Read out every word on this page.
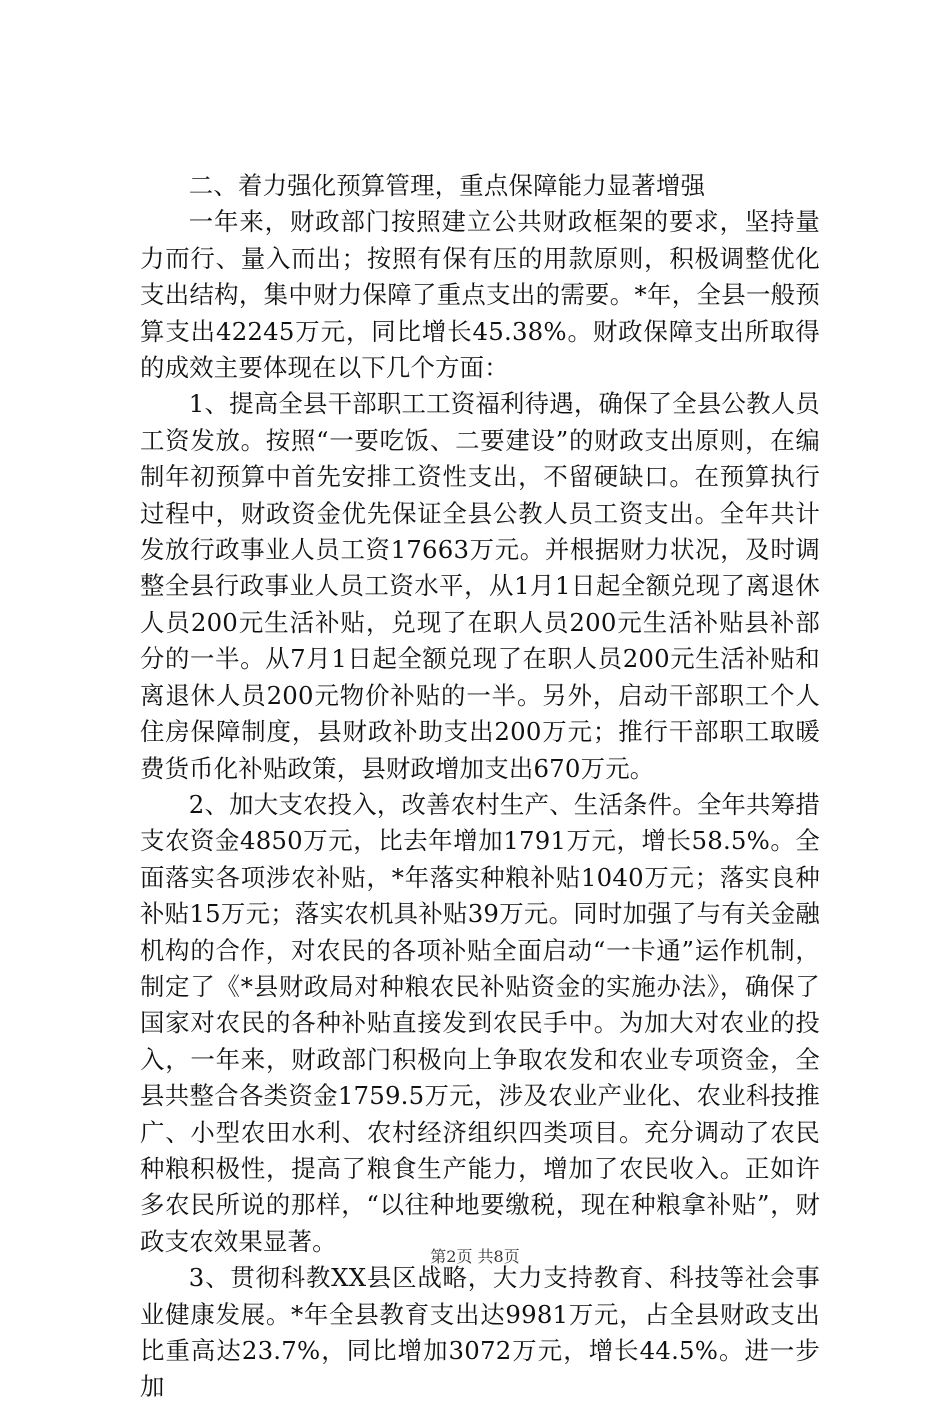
二、着力强化预算管理，重点保障能力显著增强

一年来，财政部门按照建立公共财政框架的要求，坚持量力而行、量入而出；按照有保有压的用款原则，积极调整优化支出结构，集中财力保障了重点支出的需要。*年，全县一般预算支出42245万元，同比增长45.38%。财政保障支出所取得的成效主要体现在以下几个方面：

1、提高全县干部职工工资福利待遇，确保了全县公教人员工资发放。按照“一要吃饭、二要建设”的财政支出原则，在编制年初预算中首先安排工资性支出，不留硬缺口。在预算执行过程中，财政资金优先保证全县公教人员工资支出。全年共计发放行政事业人员工资17663万元。并根据财力状况，及时调整全县行政事业人员工资水平，从1月1日起全额兑现了离退休人员200元生活补贴，兑现了在职人员200元生活补贴县补部分的一半。从7月1日起全额兑现了在职人员200元生活补贴和离退休人员200元物价补贴的一半。另外，启动干部职工个人住房保障制度，县财政补助支出200万元；推行干部职工取暖费货币化补贴政策，县财政增加支出670万元。

2、加大支农投入，改善农村生产、生活条件。全年共筹措支农资金4850万元，比去年增加1791万元，增长58.5%。全面落实各项涉农补贴，*年落实种粮补贴1040万元；落实良种补贴15万元；落实农机具补贴39万元。同时加强了与有关金融机构的合作，对农民的各项补贴全面启动“一卡通”运作机制，制定了《*县财政局对种粮农民补贴资金的实施办法》，确保了国家对农民的各种补贴直接发到农民手中。为加大对农业的投入，一年来，财政部门积极向上争取农发和农业专项资金，全县共整合各类资金1759.5万元，涉及农业产业化、农业科技推广、小型农田水利、农村经济组织四类项目。充分调动了农民种粮积极性，提高了粮食生产能力，增加了农民收入。正如许多农民所说的那样，“以往种地要缴税，现在种粮拿补贴”，财政支农效果显著。

3、贯彻科教XX县区战略，大力支持教育、科技等社会事业健康发展。*年全县教育支出达9981万元，占全县财政支出比重高达23.7%，同比增加3072万元，增长44.5%。进一步加

第2页 共8页
